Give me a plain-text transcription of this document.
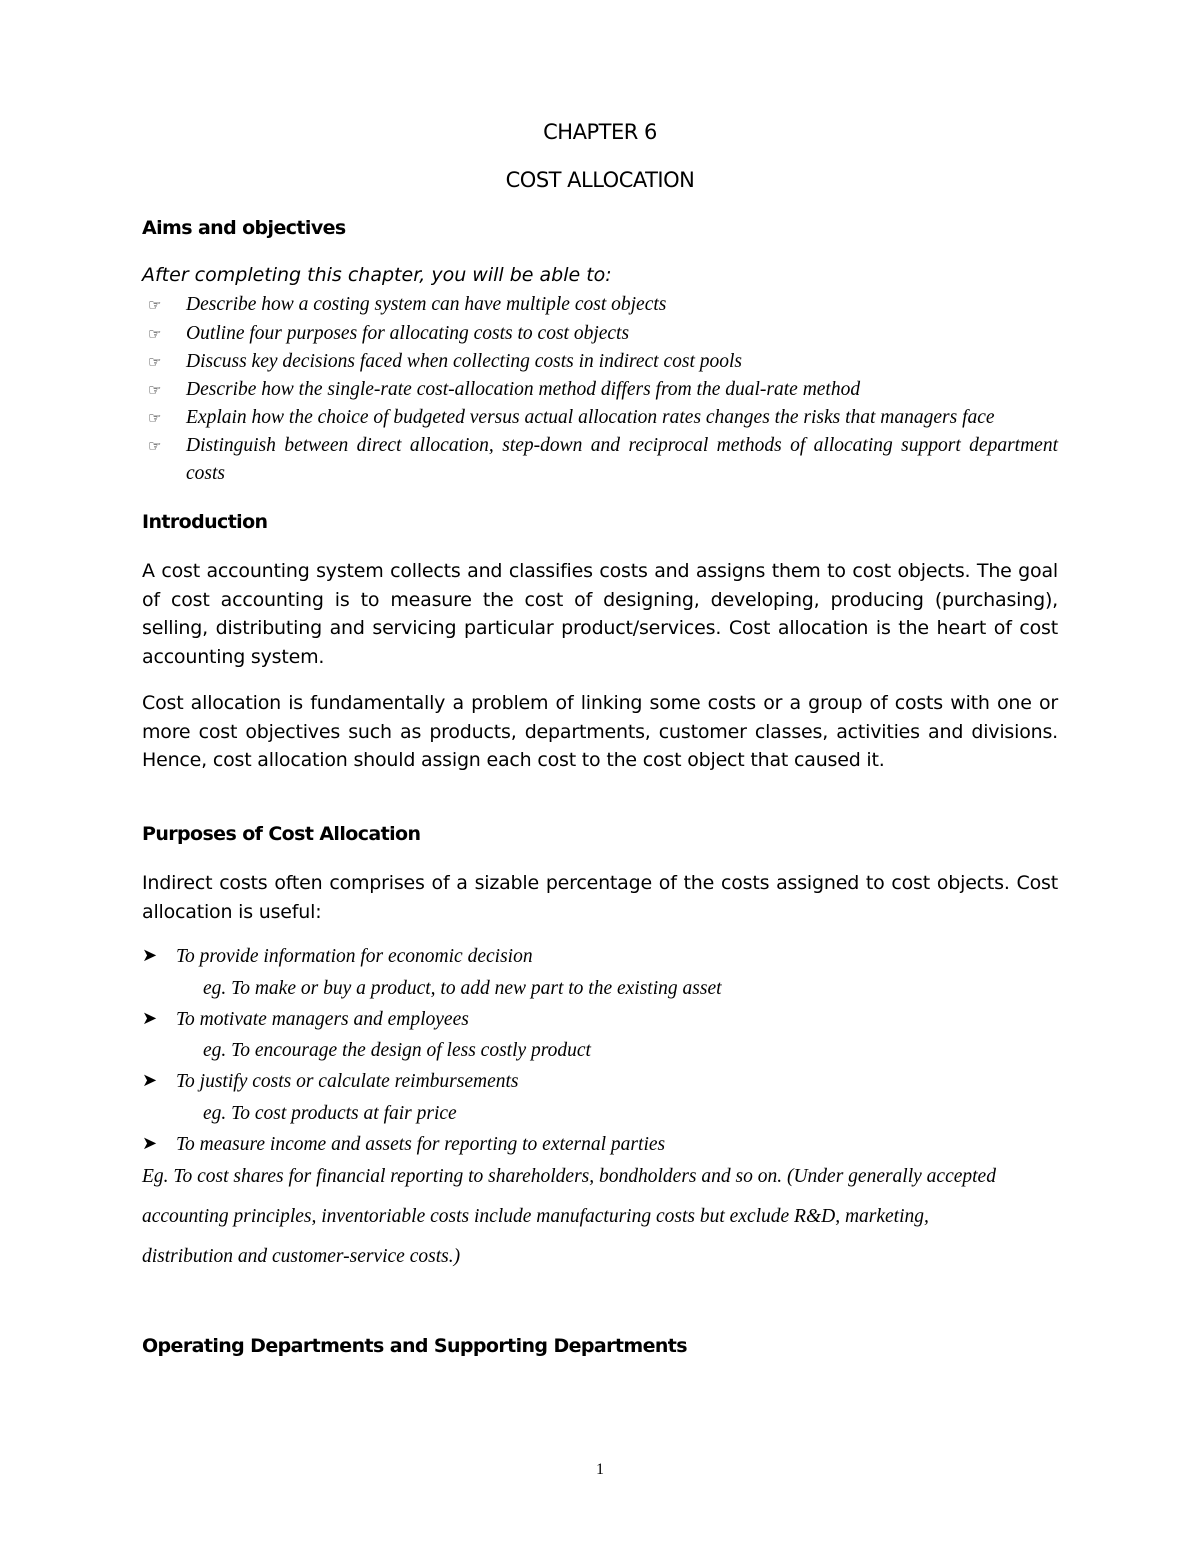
CHAPTER 6
COST ALLOCATION
Aims and objectives
After completing this chapter, you will be able to:
☞ Describe how a costing system can have multiple cost objects
☞ Outline four purposes for allocating costs to cost objects
☞ Discuss key decisions faced when collecting costs in indirect cost pools
☞ Describe how the single-rate cost-allocation method differs from the dual-rate method
☞ Explain how the choice of budgeted versus actual allocation rates changes the risks that managers face
☞ Distinguish between direct allocation, step-down and reciprocal methods of allocating support department costs
Introduction
A cost accounting system collects and classifies costs and assigns them to cost objects. The goal of cost accounting is to measure the cost of designing, developing, producing (purchasing), selling, distributing and servicing particular product/services. Cost allocation is the heart of cost accounting system.
Cost allocation is fundamentally a problem of linking some costs or a group of costs with one or more cost objectives such as products, departments, customer classes, activities and divisions. Hence, cost allocation should assign each cost to the cost object that caused it.
Purposes of Cost Allocation
Indirect costs often comprises of a sizable percentage of the costs assigned to cost objects. Cost allocation is useful:
➤ To provide information for economic decision
eg. To make or buy a product, to add new part to the existing asset
➤ To motivate managers and employees
eg. To encourage the design of less costly product
➤ To justify costs or calculate reimbursements
eg. To cost products at fair price
➤ To measure income and assets for reporting to external parties
Eg. To cost shares for financial reporting to shareholders, bondholders and so on. (Under generally accepted
accounting principles, inventoriable costs include manufacturing costs but exclude R&D, marketing,
distribution and customer-service costs.)
Operating Departments and Supporting Departments
1
